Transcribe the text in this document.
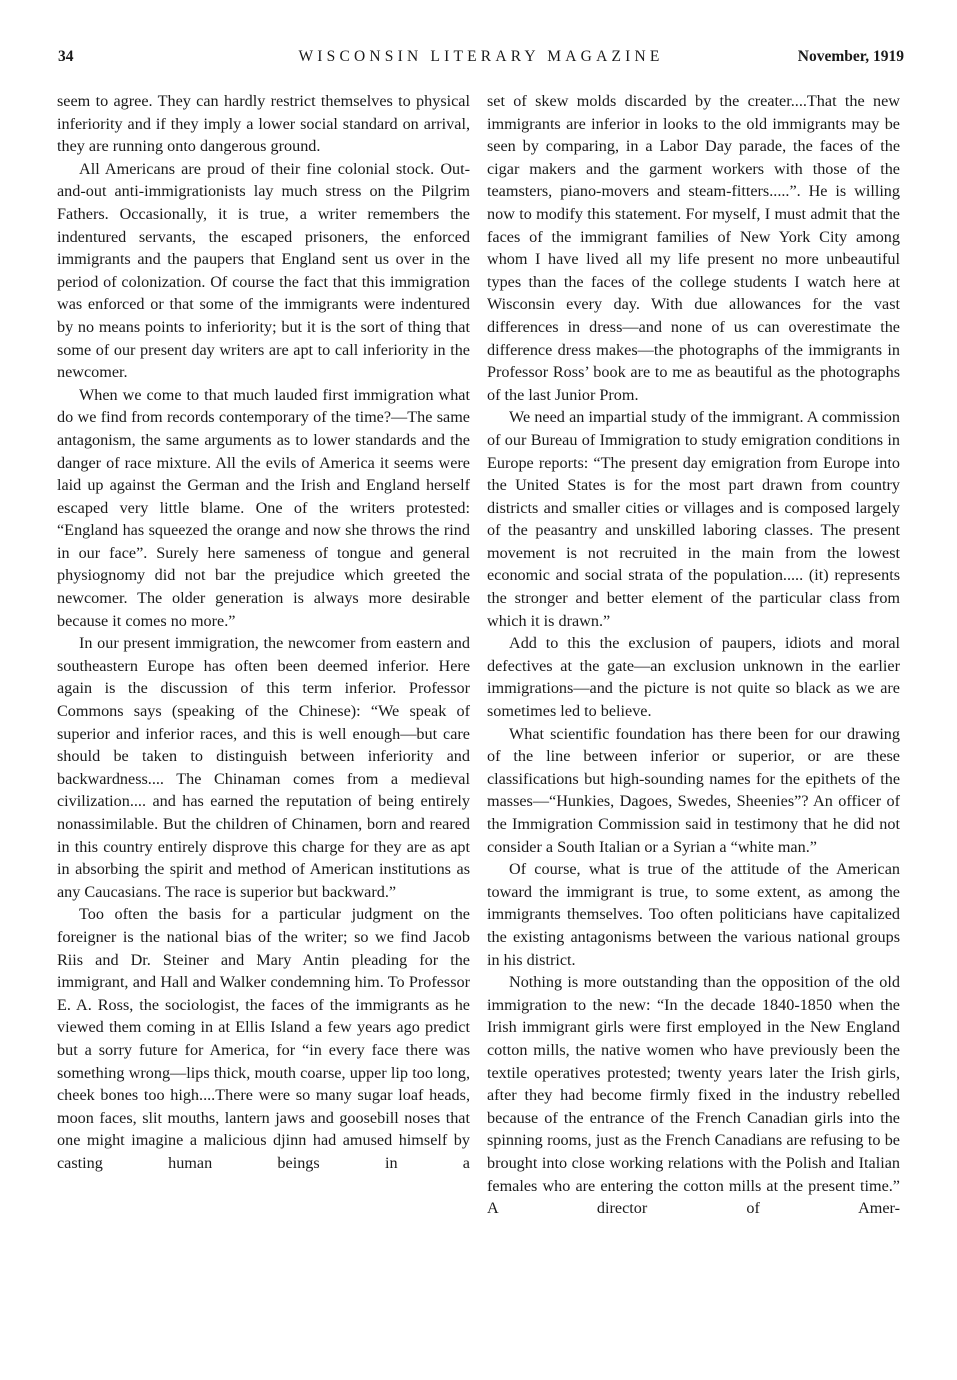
34	WISCONSIN LITERARY MAGAZINE	November, 1919

seem to agree. They can hardly restrict themselves to physical inferiority and if they imply a lower social standard on arrival, they are running onto dangerous ground.

All Americans are proud of their fine colonial stock. Out-and-out anti-immigrationists lay much stress on the Pilgrim Fathers. Occasionally, it is true, a writer remembers the indentured servants, the escaped prisoners, the enforced immigrants and the paupers that England sent us over in the period of colonization. Of course the fact that this immigration was enforced or that some of the immigrants were indentured by no means points to inferiority; but it is the sort of thing that some of our present day writers are apt to call inferiority in the newcomer.

When we come to that much lauded first immigration what do we find from records contemporary of the time?—The same antagonism, the same arguments as to lower standards and the danger of race mixture. All the evils of America it seems were laid up against the German and the Irish and England herself escaped very little blame. One of the writers protested: “England has squeezed the orange and now she throws the rind in our face”. Surely here sameness of tongue and general physiognomy did not bar the prejudice which greeted the newcomer. The older generation is always more desirable because it comes no more.”

In our present immigration, the newcomer from eastern and southeastern Europe has often been deemed inferior. Here again is the discussion of this term inferior. Professor Commons says (speaking of the Chinese): “We speak of superior and inferior races, and this is well enough—but care should be taken to distinguish between inferiority and backwardness.... The Chinaman comes from a medieval civilization.... and has earned the reputation of being entirely nonassimilable. But the children of Chinamen, born and reared in this country entirely disprove this charge for they are as apt in absorbing the spirit and method of American institutions as any Caucasians. The race is superior but backward.”

Too often the basis for a particular judgment on the foreigner is the national bias of the writer; so we find Jacob Riis and Dr. Steiner and Mary Antin pleading for the immigrant, and Hall and Walker condemning him. To Professor E. A. Ross, the sociologist, the faces of the immigrants as he viewed them coming in at Ellis Island a few years ago predict but a sorry future for America, for “in every face there was something wrong—lips thick, mouth coarse, upper lip too long, cheek bones too high....There were so many sugar loaf heads, moon faces, slit mouths, lantern jaws and goosebill noses that one might imagine a malicious djinn had amused himself by casting human beings in a

set of skew molds discarded by the creater....That the new immigrants are inferior in looks to the old immigrants may be seen by comparing, in a Labor Day parade, the faces of the cigar makers and the garment workers with those of the teamsters, piano-movers and steam-fitters.....”. He is willing now to modify this statement. For myself, I must admit that the faces of the immigrant families of New York City among whom I have lived all my life present no more unbeautiful types than the faces of the college students I watch here at Wisconsin every day. With due allowances for the vast differences in dress—and none of us can overestimate the difference dress makes—the photographs of the immigrants in Professor Ross’ book are to me as beautiful as the photographs of the last Junior Prom.

We need an impartial study of the immigrant. A commission of our Bureau of Immigration to study emigration conditions in Europe reports: “The present day emigration from Europe into the United States is for the most part drawn from country districts and smaller cities or villages and is composed largely of the peasantry and unskilled laboring classes. The present movement is not recruited in the main from the lowest economic and social strata of the population..... (it) represents the stronger and better element of the particular class from which it is drawn.”

Add to this the exclusion of paupers, idiots and moral defectives at the gate—an exclusion unknown in the earlier immigrations—and the picture is not quite so black as we are sometimes led to believe.

What scientific foundation has there been for our drawing of the line between inferior or superior, or are these classifications but high-sounding names for the epithets of the masses—“Hunkies, Dagoes, Swedes, Sheenies”? An officer of the Immigration Commission said in testimony that he did not consider a South Italian or a Syrian a “white man.”

Of course, what is true of the attitude of the American toward the immigrant is true, to some extent, as among the immigrants themselves. Too often politicians have capitalized the existing antagonisms between the various national groups in his district.

Nothing is more outstanding than the opposition of the old immigration to the new: “In the decade 1840-1850 when the Irish immigrant girls were first employed in the New England cotton mills, the native women who have previously been the textile operatives protested; twenty years later the Irish girls, after they had become firmly fixed in the industry rebelled because of the entrance of the French Canadian girls into the spinning rooms, just as the French Canadians are refusing to be brought into close working relations with the Polish and Italian females who are entering the cotton mills at the present time.” A director of Amer-
